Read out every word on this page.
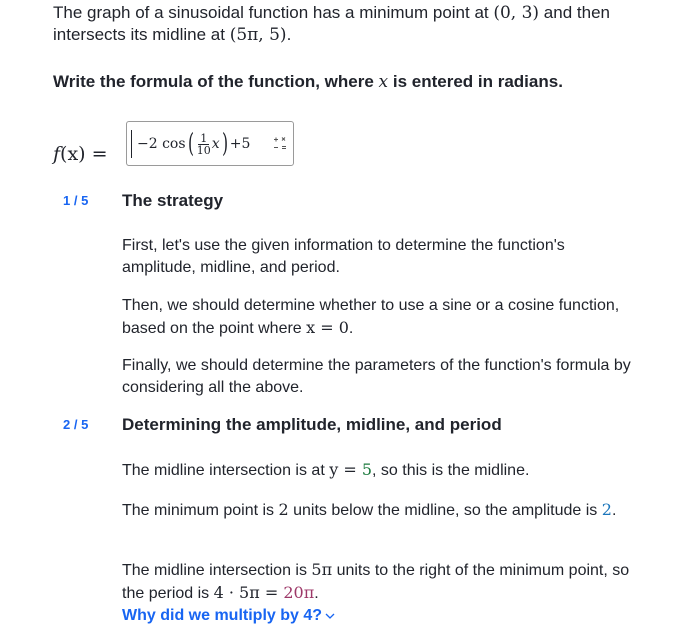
The graph of a sinusoidal function has a minimum point at (0, 3) and then
intersects its midline at (5π, 5).
Write the formula of the function, where x is entered in radians.
f(x) = −2 cos ( $\frac{1}{10}$ x ) +5
1 / 5 The strategy
First, let's use the given information to determine the function's amplitude, midline, and period.
Then, we should determine whether to use a sine or a cosine function, based on the point where x = 0.
Finally, we should determine the parameters of the function's formula by considering all the above.
2 / 5 Determining the amplitude, midline, and period
The midline intersection is at y = 5, so this is the midline.
The minimum point is 2 units below the midline, so the amplitude is 2.
The midline intersection is 5π units to the right of the minimum point, so the period is 4 · 5π = 20π.
Why did we multiply by 4?
